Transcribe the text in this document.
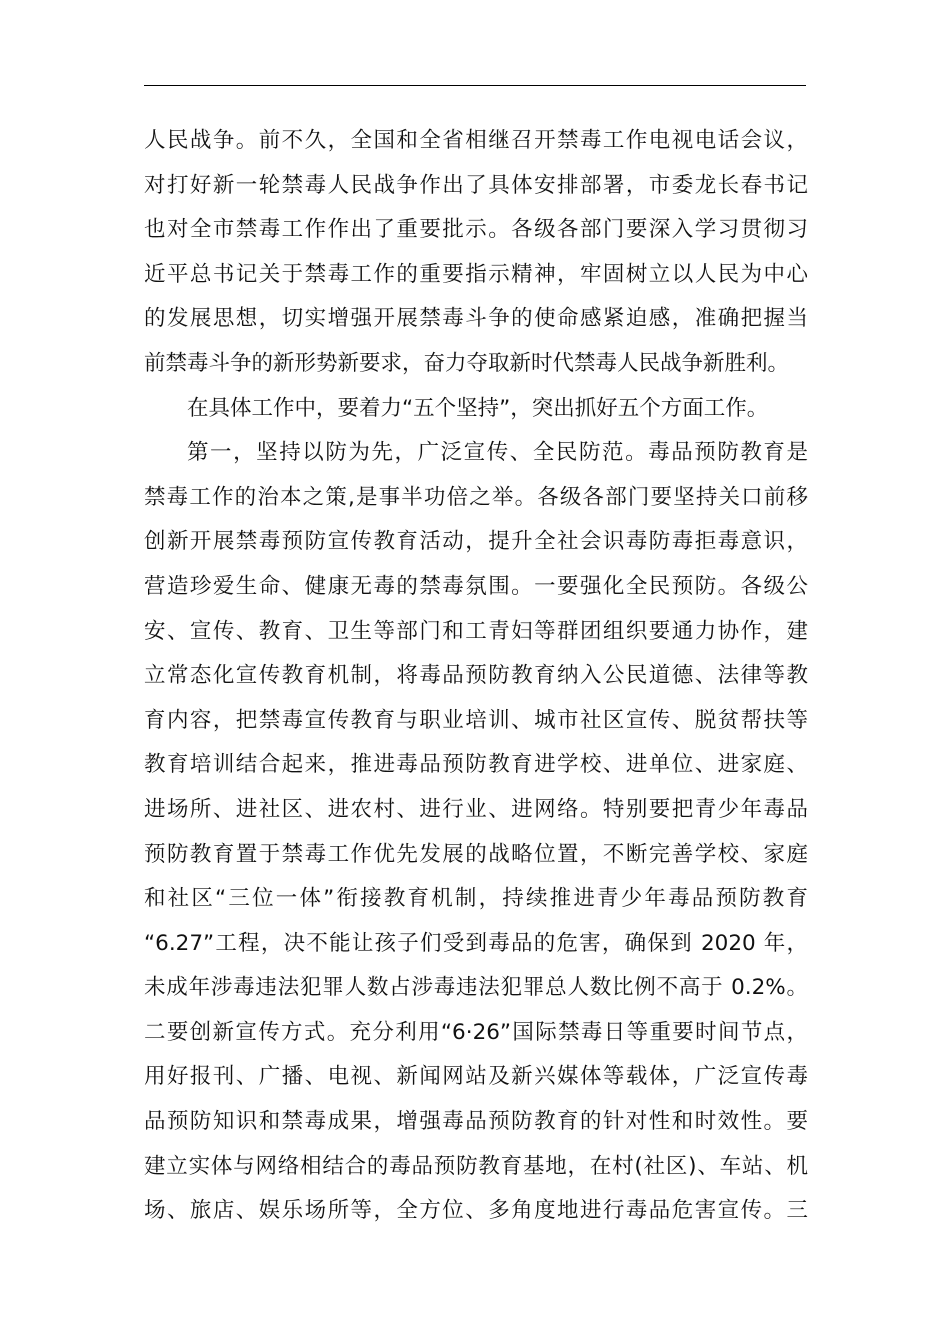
人民战争。前不久，全国和全省相继召开禁毒工作电视电话会议，
对打好新一轮禁毒人民战争作出了具体安排部署，市委龙长春书记
也对全市禁毒工作作出了重要批示。各级各部门要深入学习贯彻习
近平总书记关于禁毒工作的重要指示精神，牢固树立以人民为中心
的发展思想，切实增强开展禁毒斗争的使命感紧迫感，准确把握当
前禁毒斗争的新形势新要求，奋力夺取新时代禁毒人民战争新胜利。
在具体工作中，要着力“五个坚持”，突出抓好五个方面工作。
第一，坚持以防为先，广泛宣传、全民防范。毒品预防教育是
禁毒工作的治本之策,是事半功倍之举。各级各部门要坚持关口前移
创新开展禁毒预防宣传教育活动，提升全社会识毒防毒拒毒意识，
营造珍爱生命、健康无毒的禁毒氛围。一要强化全民预防。各级公
安、宣传、教育、卫生等部门和工青妇等群团组织要通力协作，建
立常态化宣传教育机制，将毒品预防教育纳入公民道德、法律等教
育内容，把禁毒宣传教育与职业培训、城市社区宣传、脱贫帮扶等
教育培训结合起来，推进毒品预防教育进学校、进单位、进家庭、
进场所、进社区、进农村、进行业、进网络。特别要把青少年毒品
预防教育置于禁毒工作优先发展的战略位置，不断完善学校、家庭
和社区“三位一体”衔接教育机制，持续推进青少年毒品预防教育
“6.27”工程，决不能让孩子们受到毒品的危害，确保到 2020 年，
未成年涉毒违法犯罪人数占涉毒违法犯罪总人数比例不高于 0.2%。
二要创新宣传方式。充分利用“6·26”国际禁毒日等重要时间节点，
用好报刊、广播、电视、新闻网站及新兴媒体等载体，广泛宣传毒
品预防知识和禁毒成果，增强毒品预防教育的针对性和时效性。要
建立实体与网络相结合的毒品预防教育基地，在村(社区)、车站、机
场、旅店、娱乐场所等，全方位、多角度地进行毒品危害宣传。三
